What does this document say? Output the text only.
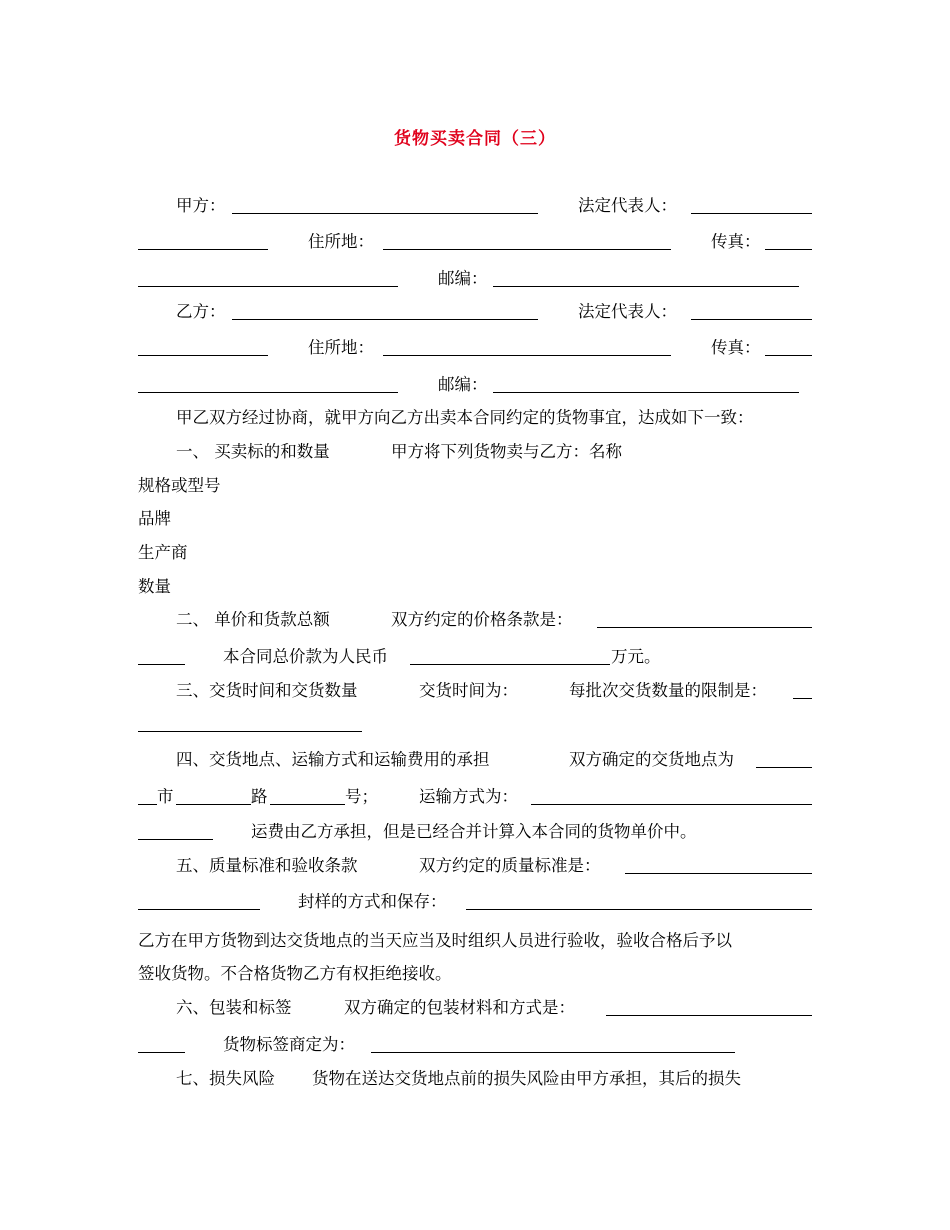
货物买卖合同（三）
甲方：	法定代表人：
住所地：	传真：
邮编：
乙方：	法定代表人：
住所地：	传真：
邮编：
甲乙双方经过协商，就甲方向乙方出卖本合同约定的货物事宜，达成如下一致：
一、 买卖标的和数量	甲方将下列货物卖与乙方：名称
规格或型号
品牌
生产商
数量
二、 单价和货款总额	双方约定的价格条款是：
本合同总价款为人民币	万元。
三、交货时间和交货数量	交货时间为：	每批次交货数量的限制是：
四、交货地点、运输方式和运输费用的承担	双方确定的交货地点为
市	路	号； 运输方式为：
运费由乙方承担，但是已经合并计算入本合同的货物单价中。
五、质量标准和验收条款	双方约定的质量标准是：
封样的方式和保存：
乙方在甲方货物到达交货地点的当天应当及时组织人员进行验收，验收合格后予以
签收货物。不合格货物乙方有权拒绝接收。
六、包装和标签	双方确定的包装材料和方式是：
货物标签商定为：
七、损失风险 货物在送达交货地点前的损失风险由甲方承担，其后的损失
